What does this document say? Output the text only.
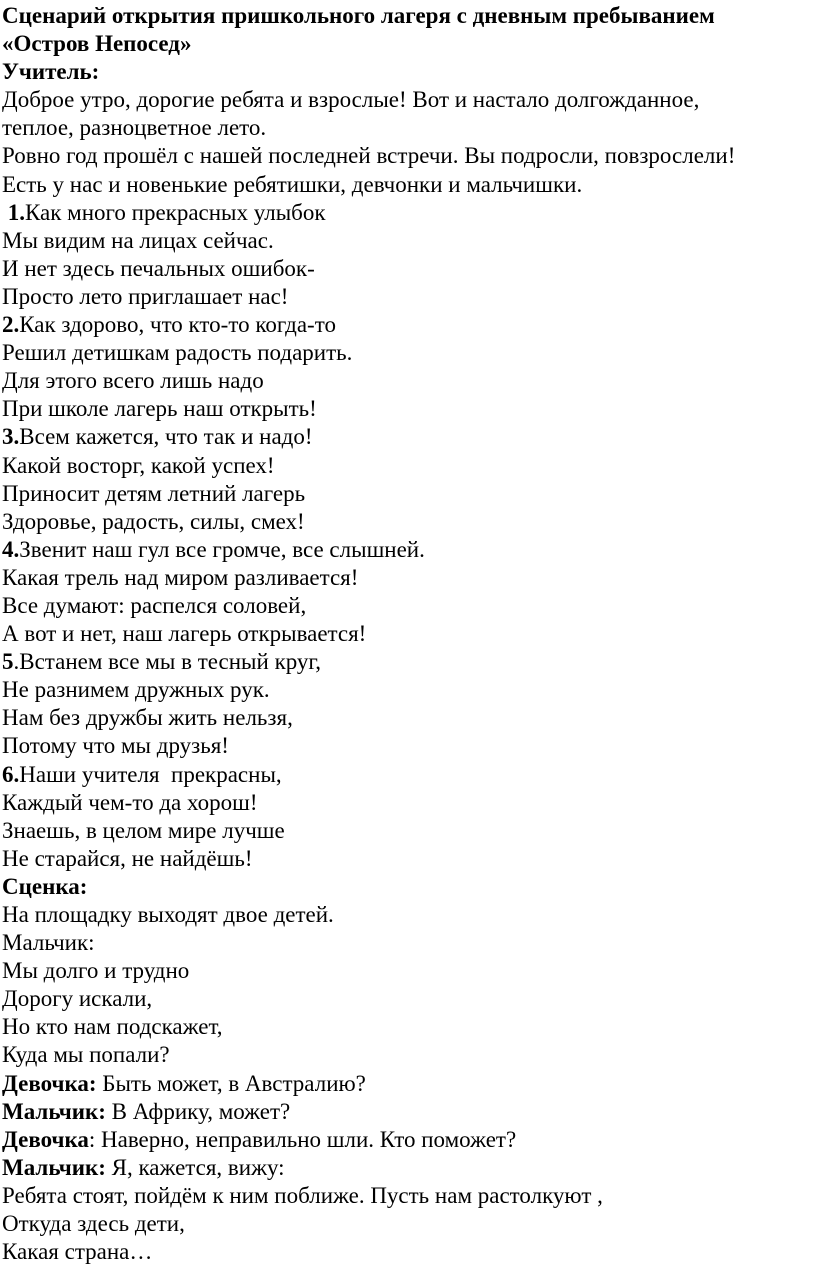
Сценарий открытия пришкольного лагеря с дневным пребыванием
«Остров Непосед»
Учитель:
Доброе утро, дорогие ребята и взрослые! Вот и настало долгожданное,
теплое, разноцветное лето.
Ровно год прошёл с нашей последней встречи. Вы подросли, повзрослели!
Есть у нас и новенькие ребятишки, девчонки и мальчишки.
1.Как много прекрасных улыбок
Мы видим на лицах сейчас.
И нет здесь печальных ошибок-
Просто лето приглашает нас!
2.Как здорово, что кто-то когда-то
Решил детишкам радость подарить.
Для этого всего лишь надо
При школе лагерь наш открыть!
3.Всем кажется, что так и надо!
Какой восторг, какой успех!
Приносит детям летний лагерь
Здоровье, радость, силы, смех!
4.Звенит наш гул все громче, все слышней.
Какая трель над миром разливается!
Все думают: распелся соловей,
А вот и нет, наш лагерь открывается!
5.Встанем все мы в тесный круг,
Не разнимем дружных рук.
Нам без дружбы жить нельзя,
Потому что мы друзья!
6.Наши учителя  прекрасны,
Каждый чем-то да хорош!
Знаешь, в целом мире лучше
Не старайся, не найдёшь!
Сценка:
На площадку выходят двое детей.
Мальчик:
Мы долго и трудно
Дорогу искали,
Но кто нам подскажет,
Куда мы попали?
Девочка: Быть может, в Австралию?
Мальчик: В Африку, может?
Девочка: Наверно, неправильно шли. Кто поможет?
Мальчик: Я, кажется, вижу:
Ребята стоят, пойдём к ним поближе. Пусть нам растолкуют ,
Откуда здесь дети,
Какая страна…
